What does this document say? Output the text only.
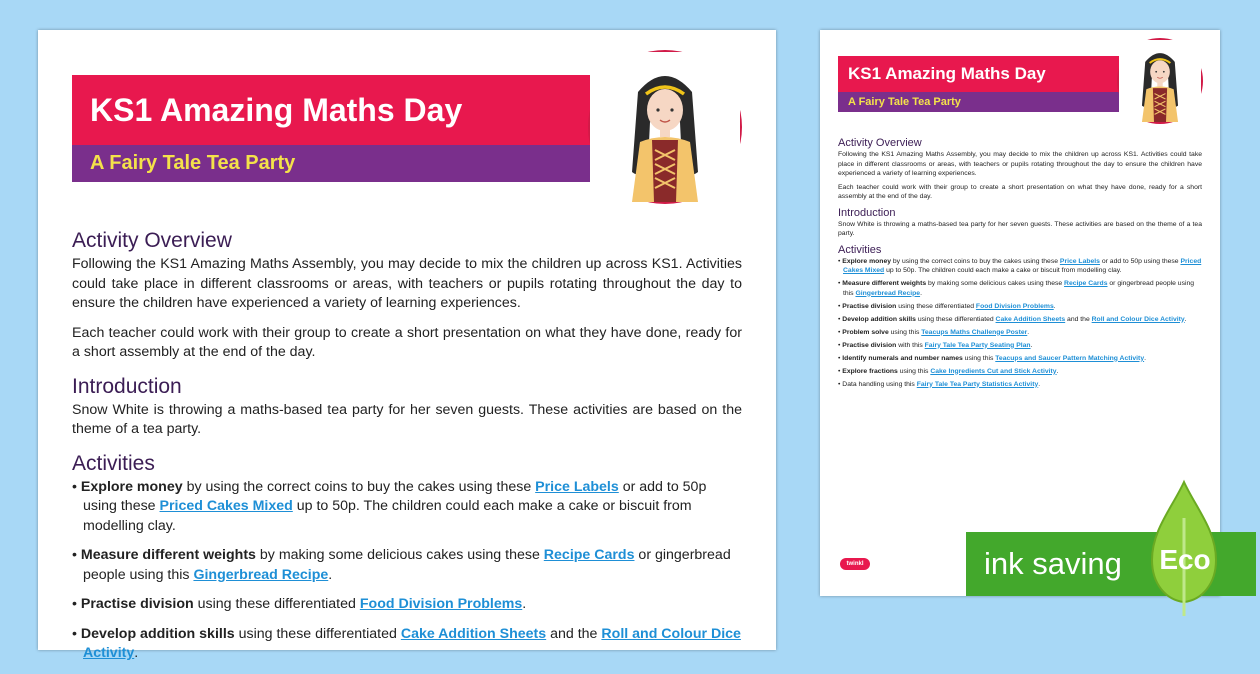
KS1 Amazing Maths Day
A Fairy Tale Tea Party
Activity Overview

Following the KS1 Amazing Maths Assembly, you may decide to mix the children up across KS1. Activities could take place in different classrooms or areas, with teachers or pupils rotating throughout the day to ensure the children have experienced a variety of learning experiences.

Each teacher could work with their group to create a short presentation on what they have done, ready for a short assembly at the end of the day.

Introduction

Snow White is throwing a maths-based tea party for her seven guests. These activities are based on the theme of a tea party.

Activities
• Explore money by using the correct coins to buy the cakes using these Price Labels or add to 50p using these Priced Cakes Mixed up to 50p. The children could each make a cake or biscuit from modelling clay.
• Measure different weights by making some delicious cakes using these Recipe Cards or gingerbread people using this Gingerbread Recipe.
• Practise division using these differentiated Food Division Problems.
• Develop addition skills using these differentiated Cake Addition Sheets and the Roll and Colour Dice Activity.
KS1 Amazing Maths Day
A Fairy Tale Tea Party
Activity Overview

Following the KS1 Amazing Maths Assembly, you may decide to mix the children up across KS1. Activities could take place in different classrooms or areas, with teachers or pupils rotating throughout the day to ensure the children have experienced a variety of learning experiences.

Each teacher could work with their group to create a short presentation on what they have done, ready for a short assembly at the end of the day.

Introduction

Snow White is throwing a maths-based tea party for her seven guests. These activities are based on the theme of a tea party.

Activities
• Explore money by using the correct coins to buy the cakes using these Price Labels or add to 50p using these Priced Cakes Mixed up to 50p. The children could each make a cake or biscuit from modelling clay.
• Measure different weights by making some delicious cakes using these Recipe Cards or gingerbread people using this Gingerbread Recipe.
• Practise division using these differentiated Food Division Problems.
• Develop addition skills using these differentiated Cake Addition Sheets and the Roll and Colour Dice Activity.
• Problem solve using this Teacups Maths Challenge Poster.
• Practise division with this Fairy Tale Tea Party Seating Plan.
• Identify numerals and number names using this Teacups and Saucer Pattern Matching Activity.
• Explore fractions using this Cake Ingredients Cut and Stick Activity.
• Data handling using this Fairy Tale Tea Party Statistics Activity.
twinkl	ink saving Eco
